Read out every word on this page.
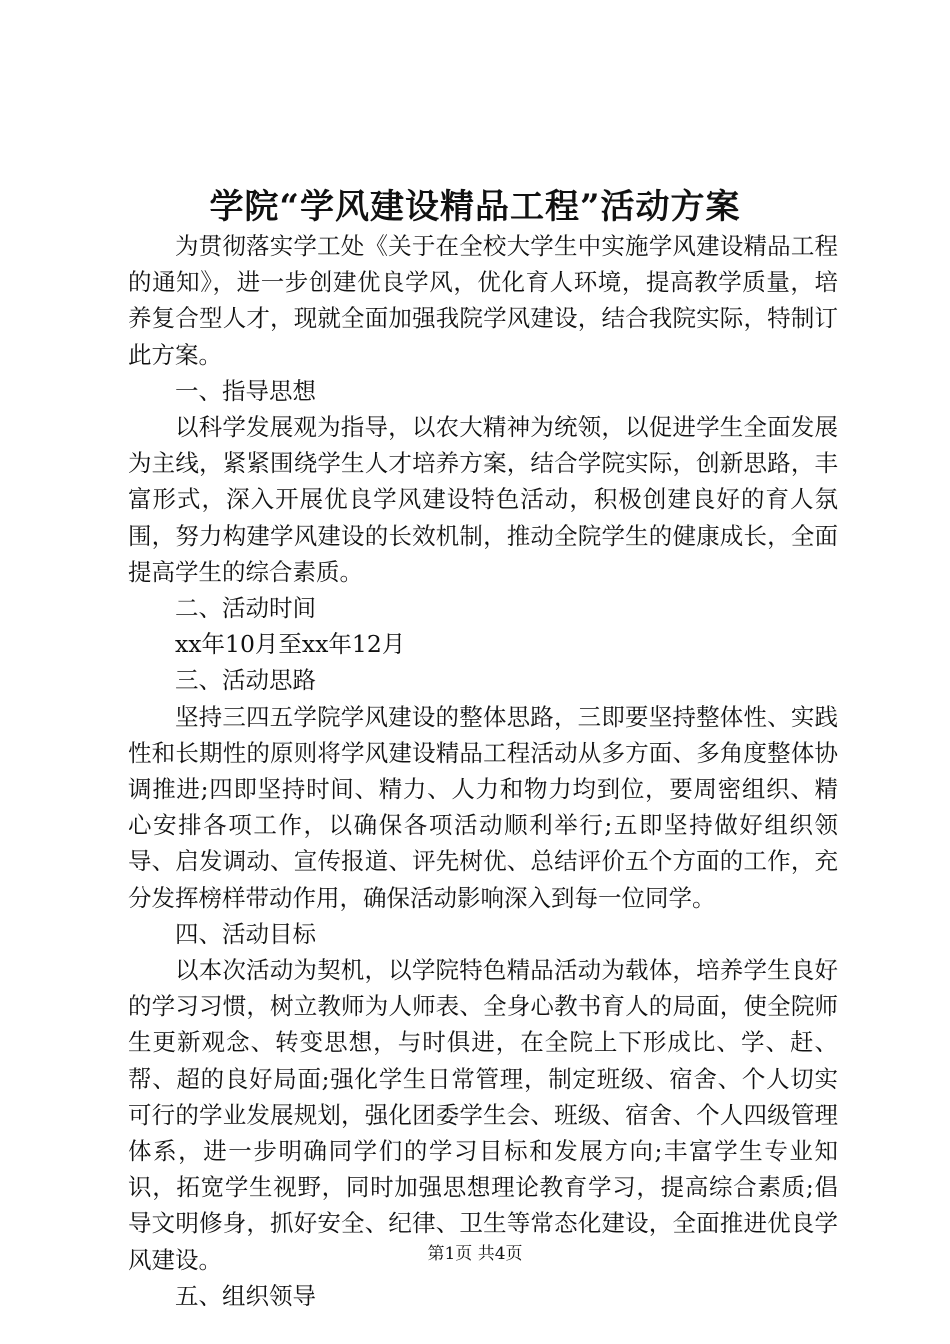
学院“学风建设精品工程”活动方案

为贯彻落实学工处《关于在全校大学生中实施学风建设精品工程的通知》，进一步创建优良学风，优化育人环境，提高教学质量，培养复合型人才，现就全面加强我院学风建设，结合我院实际，特制订此方案。

一、指导思想

以科学发展观为指导，以农大精神为统领，以促进学生全面发展为主线，紧紧围绕学生人才培养方案，结合学院实际，创新思路，丰富形式，深入开展优良学风建设特色活动，积极创建良好的育人氛围，努力构建学风建设的长效机制，推动全院学生的健康成长，全面提高学生的综合素质。

二、活动时间

xx年10月至xx年12月

三、活动思路

坚持三四五学院学风建设的整体思路，三即要坚持整体性、实践性和长期性的原则将学风建设精品工程活动从多方面、多角度整体协调推进;四即坚持时间、精力、人力和物力均到位，要周密组织、精心安排各项工作，以确保各项活动顺利举行;五即坚持做好组织领导、启发调动、宣传报道、评先树优、总结评价五个方面的工作，充分发挥榜样带动作用，确保活动影响深入到每一位同学。

四、活动目标

以本次活动为契机，以学院特色精品活动为载体，培养学生良好的学习习惯，树立教师为人师表、全身心教书育人的局面，使全院师生更新观念、转变思想，与时俱进，在全院上下形成比、学、赶、帮、超的良好局面;强化学生日常管理，制定班级、宿舍、个人切实可行的学业发展规划，强化团委学生会、班级、宿舍、个人四级管理体系，进一步明确同学们的学习目标和发展方向;丰富学生专业知识，拓宽学生视野，同时加强思想理论教育学习，提高综合素质;倡导文明修身，抓好安全、纪律、卫生等常态化建设，全面推进优良学风建设。

五、组织领导

第1页 共4页
